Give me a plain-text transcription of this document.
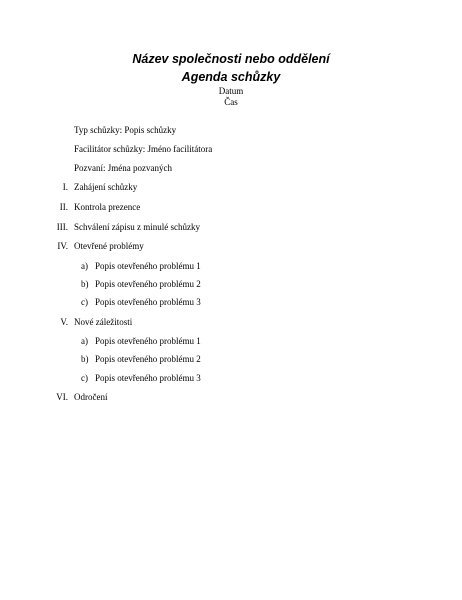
Název společnosti nebo oddělení
Agenda schůzky
Datum
Čas
Typ schůzky: Popis schůzky
Facilitátor schůzky: Jméno facilitátora
Pozvaní: Jména pozvaných
I. Zahájení schůzky
II. Kontrola prezence
III. Schválení zápisu z minulé schůzky
IV. Otevřené problémy
a) Popis otevřeného problému 1
b) Popis otevřeného problému 2
c) Popis otevřeného problému 3
V. Nové záležitosti
a) Popis otevřeného problému 1
b) Popis otevřeného problému 2
c) Popis otevřeného problému 3
VI. Odročení
